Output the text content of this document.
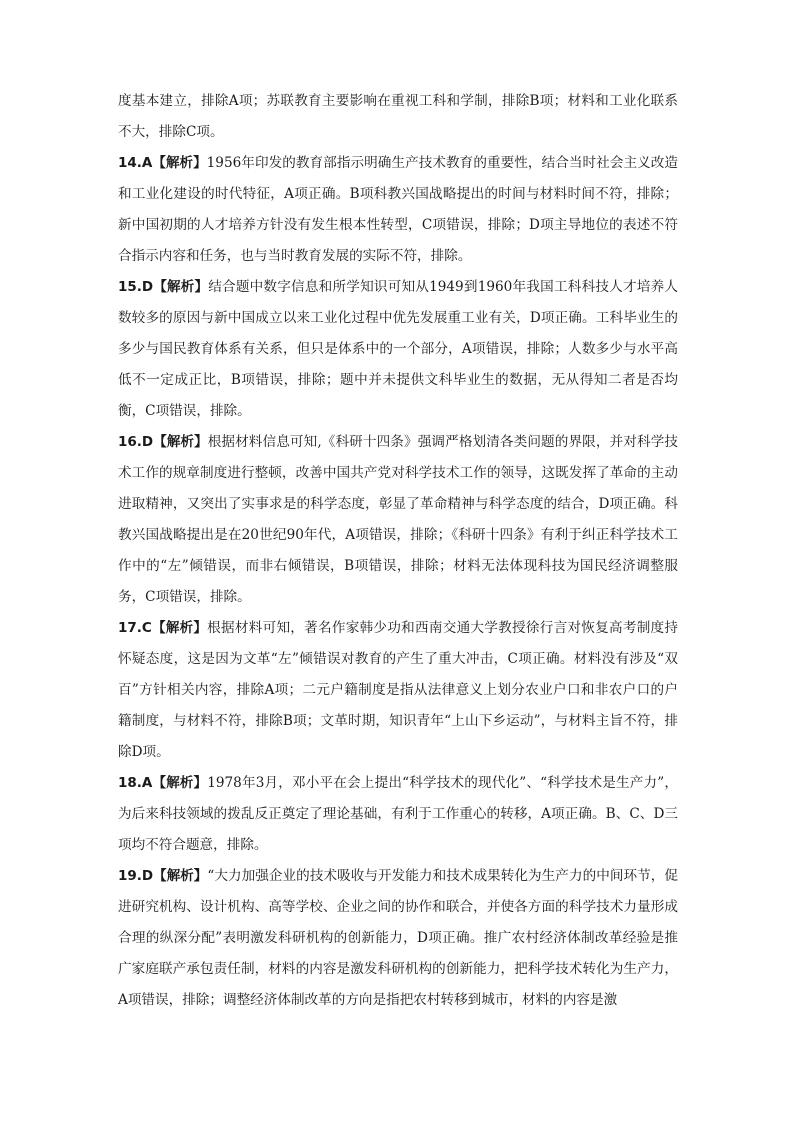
度基本建立，排除A项；苏联教育主要影响在重视工科和学制，排除B项；材料和工业化联系不大，排除C项。

14.A【解析】1956年印发的教育部指示明确生产技术教育的重要性，结合当时社会主义改造和工业化建设的时代特征，A项正确。B项科教兴国战略提出的时间与材料时间不符，排除；新中国初期的人才培养方针没有发生根本性转型，C项错误，排除；D项主导地位的表述不符合指示内容和任务，也与当时教育发展的实际不符，排除。

15.D【解析】结合题中数字信息和所学知识可知从1949到1960年我国工科科技人才培养人数较多的原因与新中国成立以来工业化过程中优先发展重工业有关，D项正确。工科毕业生的多少与国民教育体系有关系，但只是体系中的一个部分，A项错误，排除；人数多少与水平高低不一定成正比，B项错误，排除；题中并未提供文科毕业生的数据，无从得知二者是否均衡，C项错误，排除。

16.D【解析】根据材料信息可知,《科研十四条》强调严格划清各类问题的界限，并对科学技术工作的规章制度进行整顿，改善中国共产党对科学技术工作的领导，这既发挥了革命的主动进取精神，又突出了实事求是的科学态度，彰显了革命精神与科学态度的结合，D项正确。科教兴国战略提出是在20世纪90年代，A项错误，排除；《科研十四条》有利于纠正科学技术工作中的“左”倾错误，而非右倾错误，B项错误，排除；材料无法体现科技为国民经济调整服务，C项错误，排除。

17.C【解析】根据材料可知，著名作家韩少功和西南交通大学教授徐行言对恢复高考制度持怀疑态度，这是因为文革“左”倾错误对教育的产生了重大冲击，C项正确。材料没有涉及“双百”方针相关内容，排除A项；二元户籍制度是指从法律意义上划分农业户口和非农户口的户籍制度，与材料不符，排除B项；文革时期，知识青年“上山下乡运动”，与材料主旨不符，排除D项。

18.A【解析】1978年3月，邓小平在会上提出“科学技术的现代化”、“科学技术是生产力”，为后来科技领域的拨乱反正奠定了理论基础，有利于工作重心的转移，A项正确。B、C、D三项均不符合题意，排除。

19.D【解析】“大力加强企业的技术吸收与开发能力和技术成果转化为生产力的中间环节，促进研究机构、设计机构、高等学校、企业之间的协作和联合，并使各方面的科学技术力量形成合理的纵深分配”表明激发科研机构的创新能力，D项正确。推广农村经济体制改革经验是推广家庭联产承包责任制，材料的内容是激发科研机构的创新能力，把科学技术转化为生产力，A项错误，排除；调整经济体制改革的方向是指把农村转移到城市，材料的内容是激
